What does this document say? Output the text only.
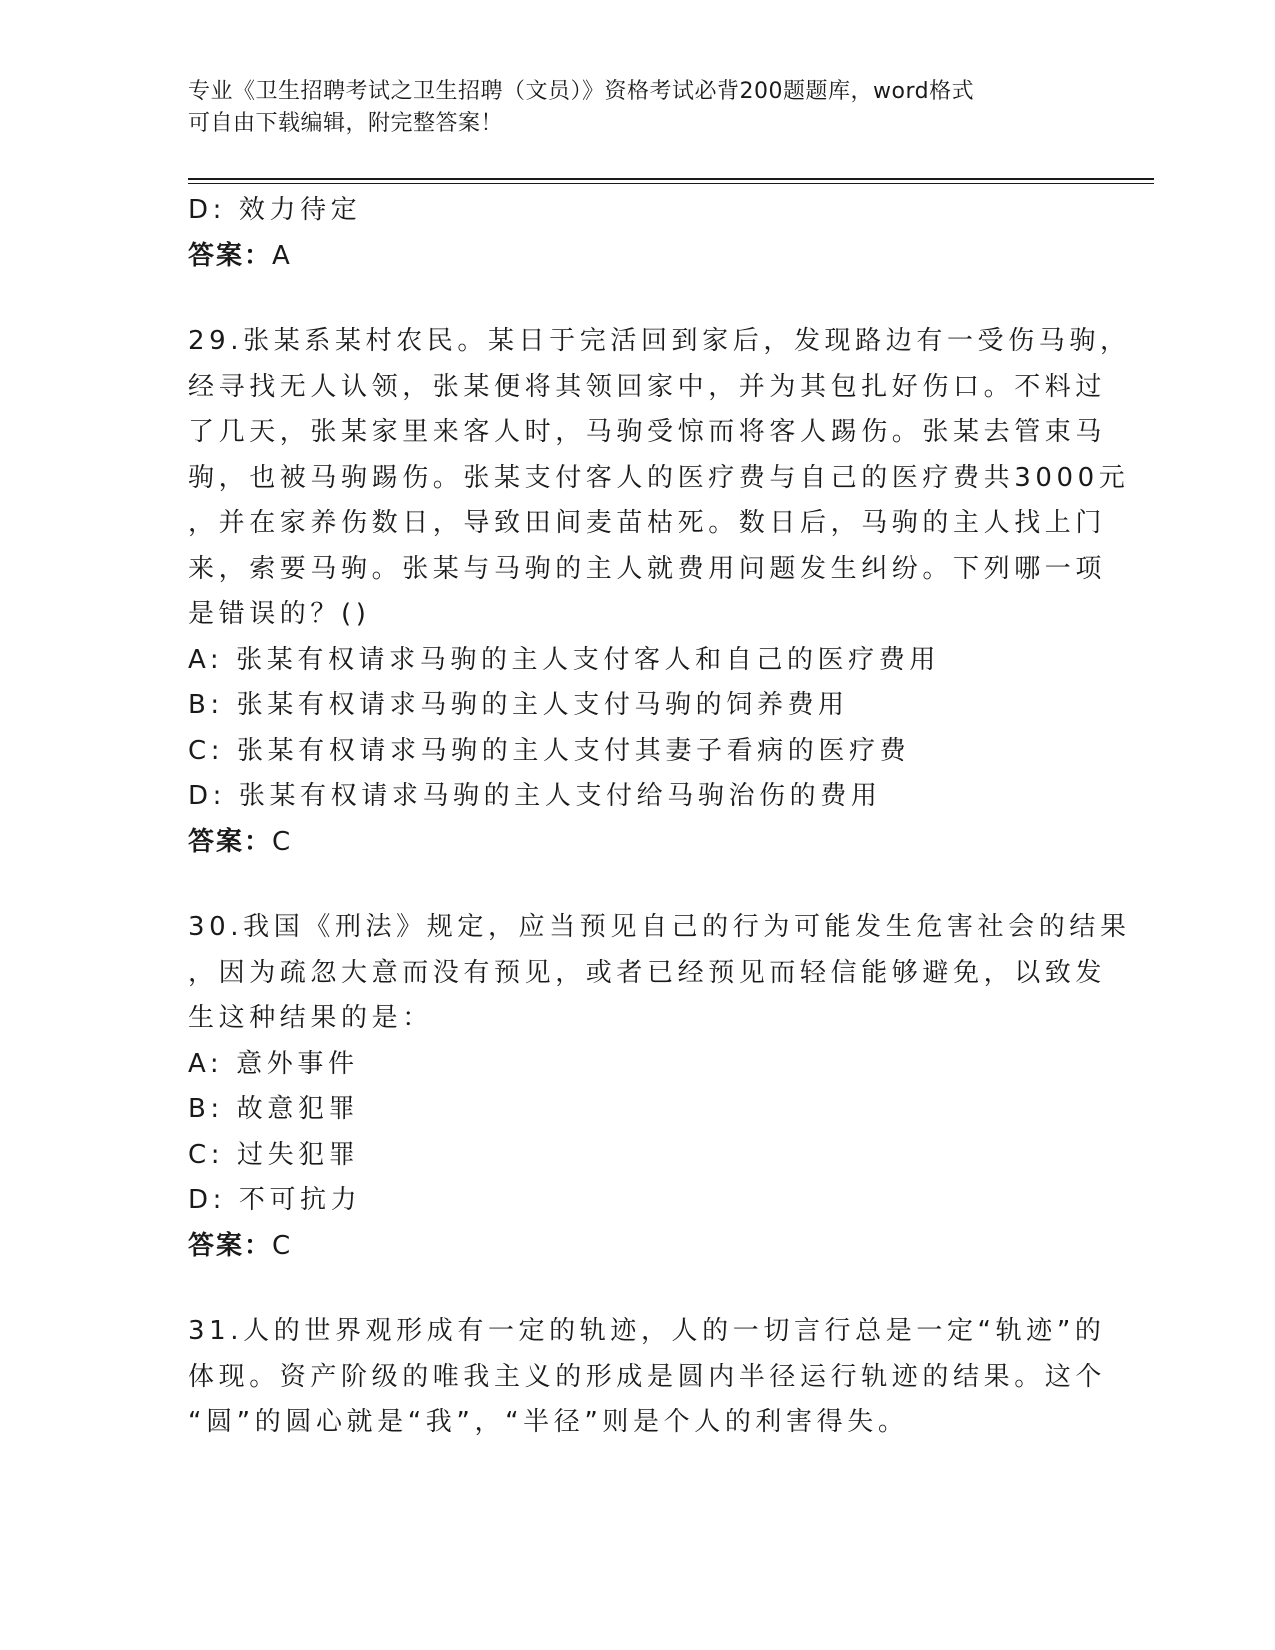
专业《卫生招聘考试之卫生招聘（文员）》资格考试必背200题题库，word格式
可自由下载编辑，附完整答案！
D: 效力待定
答案：A
29.张某系某村农民。某日于完活回到家后，发现路边有一受伤马驹，
经寻找无人认领，张某便将其领回家中，并为其包扎好伤口。不料过
了几天，张某家里来客人时，马驹受惊而将客人踢伤。张某去管束马
驹，也被马驹踢伤。张某支付客人的医疗费与自己的医疗费共3000元
，并在家养伤数日，导致田间麦苗枯死。数日后，马驹的主人找上门
来，索要马驹。张某与马驹的主人就费用问题发生纠纷。下列哪一项
是错误的？()
A: 张某有权请求马驹的主人支付客人和自己的医疗费用
B: 张某有权请求马驹的主人支付马驹的饲养费用
C: 张某有权请求马驹的主人支付其妻子看病的医疗费
D: 张某有权请求马驹的主人支付给马驹治伤的费用
答案：C
30.我国《刑法》规定，应当预见自己的行为可能发生危害社会的结果
，因为疏忽大意而没有预见，或者已经预见而轻信能够避免，以致发
生这种结果的是：
A: 意外事件
B: 故意犯罪
C: 过失犯罪
D: 不可抗力
答案：C
31.人的世界观形成有一定的轨迹，人的一切言行总是一定“轨迹”的
体现。资产阶级的唯我主义的形成是圆内半径运行轨迹的结果。这个
“圆”的圆心就是“我”，“半径”则是个人的利害得失。
